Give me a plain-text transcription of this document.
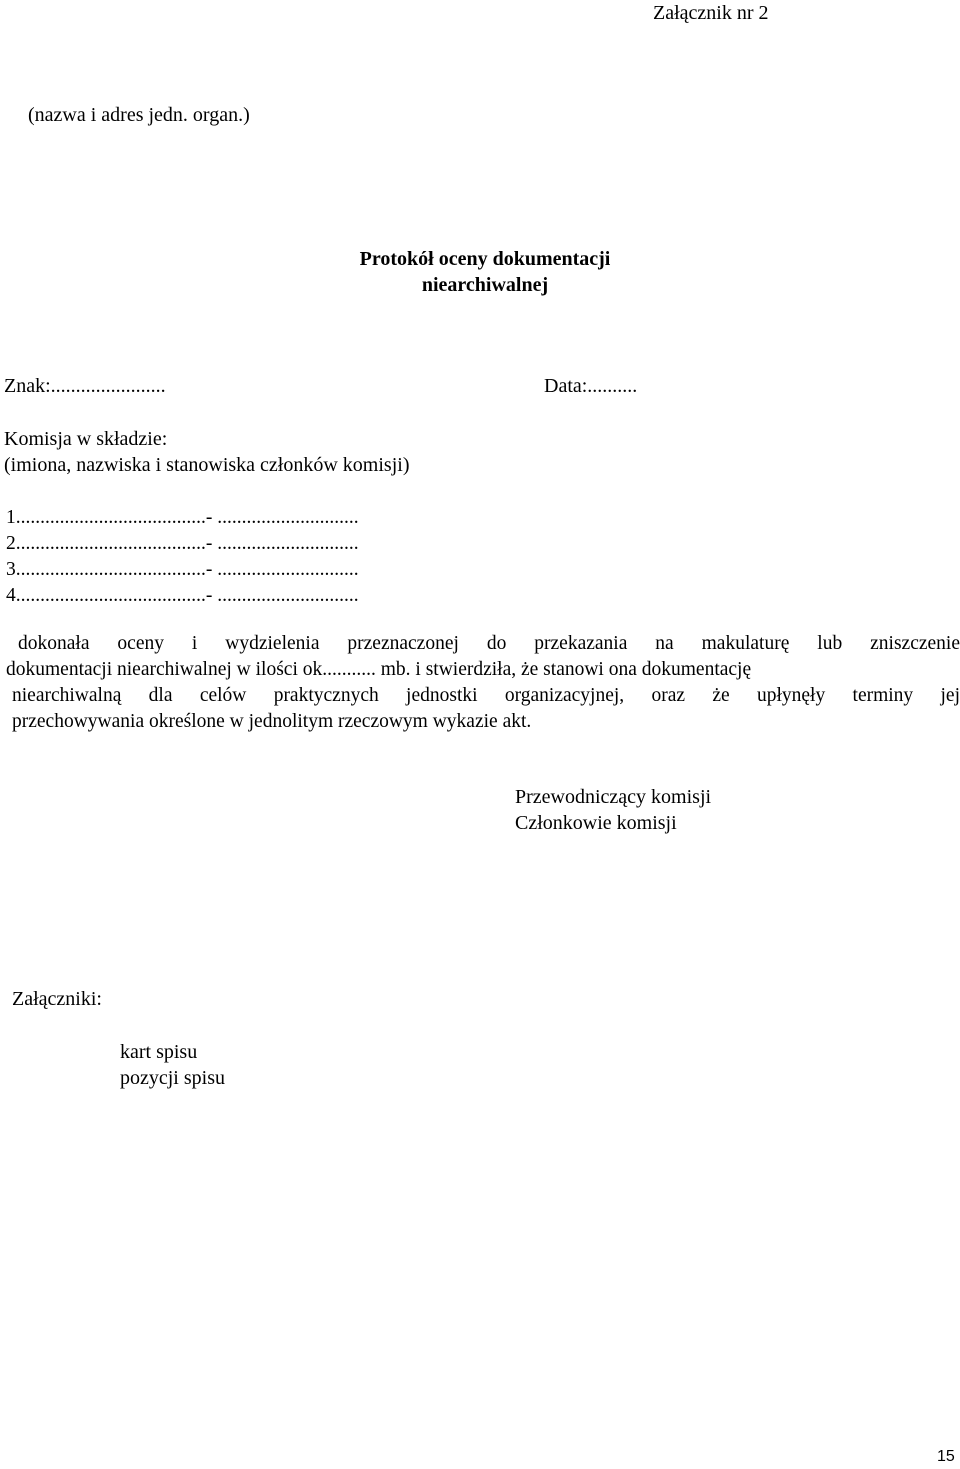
Załącznik nr 2
(nazwa i adres jedn. organ.)
Protokół oceny dokumentacji
niearchiwalnej
Znak:.......................	Data:..........
Komisja w składzie:
(imiona, nazwiska i stanowiska członków komisji)
1.......................................- .............................
2.......................................- .............................
3.......................................- .............................
4.......................................- .............................
dokonała oceny i wydzielenia przeznaczonej do przekazania na makulaturę lub zniszczenie
dokumentacji niearchiwalnej w ilości ok........... mb. i stwierdziła, że stanowi ona dokumentację
niearchiwalną dla celów praktycznych jednostki organizacyjnej, oraz że upłynęły terminy jej
przechowywania określone w jednolitym rzeczowym wykazie akt.
Przewodniczący komisji
Członkowie komisji
Załączniki:
kart spisu
pozycji spisu
15
